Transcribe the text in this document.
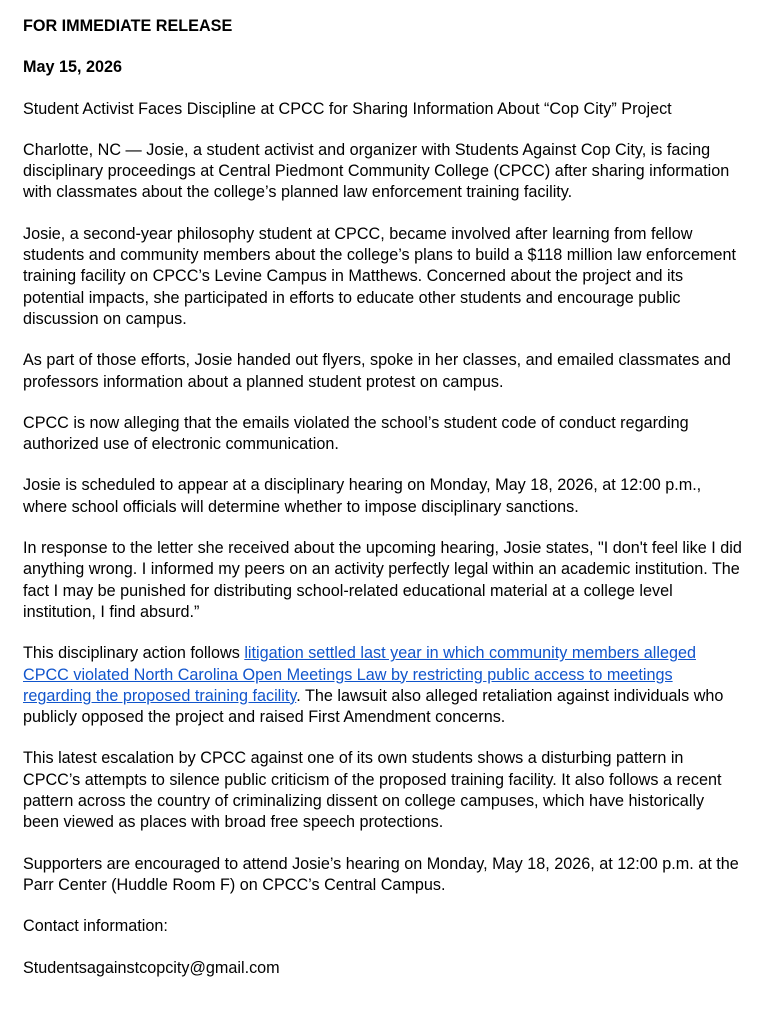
FOR IMMEDIATE RELEASE

May 15, 2026

Student Activist Faces Discipline at CPCC for Sharing Information About “Cop City” Project

Charlotte, NC — Josie, a student activist and organizer with Students Against Cop City, is facing disciplinary proceedings at Central Piedmont Community College (CPCC) after sharing information with classmates about the college’s planned law enforcement training facility.

Josie, a second-year philosophy student at CPCC, became involved after learning from fellow students and community members about the college’s plans to build a $118 million law enforcement training facility on CPCC’s Levine Campus in Matthews. Concerned about the project and its potential impacts, she participated in efforts to educate other students and encourage public discussion on campus.

As part of those efforts, Josie handed out flyers, spoke in her classes, and emailed classmates and professors information about a planned student protest on campus.

CPCC is now alleging that the emails violated the school’s student code of conduct regarding authorized use of electronic communication.

Josie is scheduled to appear at a disciplinary hearing on Monday, May 18, 2026, at 12:00 p.m., where school officials will determine whether to impose disciplinary sanctions.

In response to the letter she received about the upcoming hearing, Josie states, "I don't feel like I did anything wrong. I informed my peers on an activity perfectly legal within an academic institution. The fact I may be punished for distributing school-related educational material at a college level institution, I find absurd.”

This disciplinary action follows litigation settled last year in which community members alleged CPCC violated North Carolina Open Meetings Law by restricting public access to meetings regarding the proposed training facility. The lawsuit also alleged retaliation against individuals who publicly opposed the project and raised First Amendment concerns.

This latest escalation by CPCC against one of its own students shows a disturbing pattern in CPCC’s attempts to silence public criticism of the proposed training facility. It also follows a recent pattern across the country of criminalizing dissent on college campuses, which have historically been viewed as places with broad free speech protections.

Supporters are encouraged to attend Josie’s hearing on Monday, May 18, 2026, at 12:00 p.m. at the Parr Center (Huddle Room F) on CPCC’s Central Campus.

Contact information:

Studentsagainstcopcity@gmail.com
